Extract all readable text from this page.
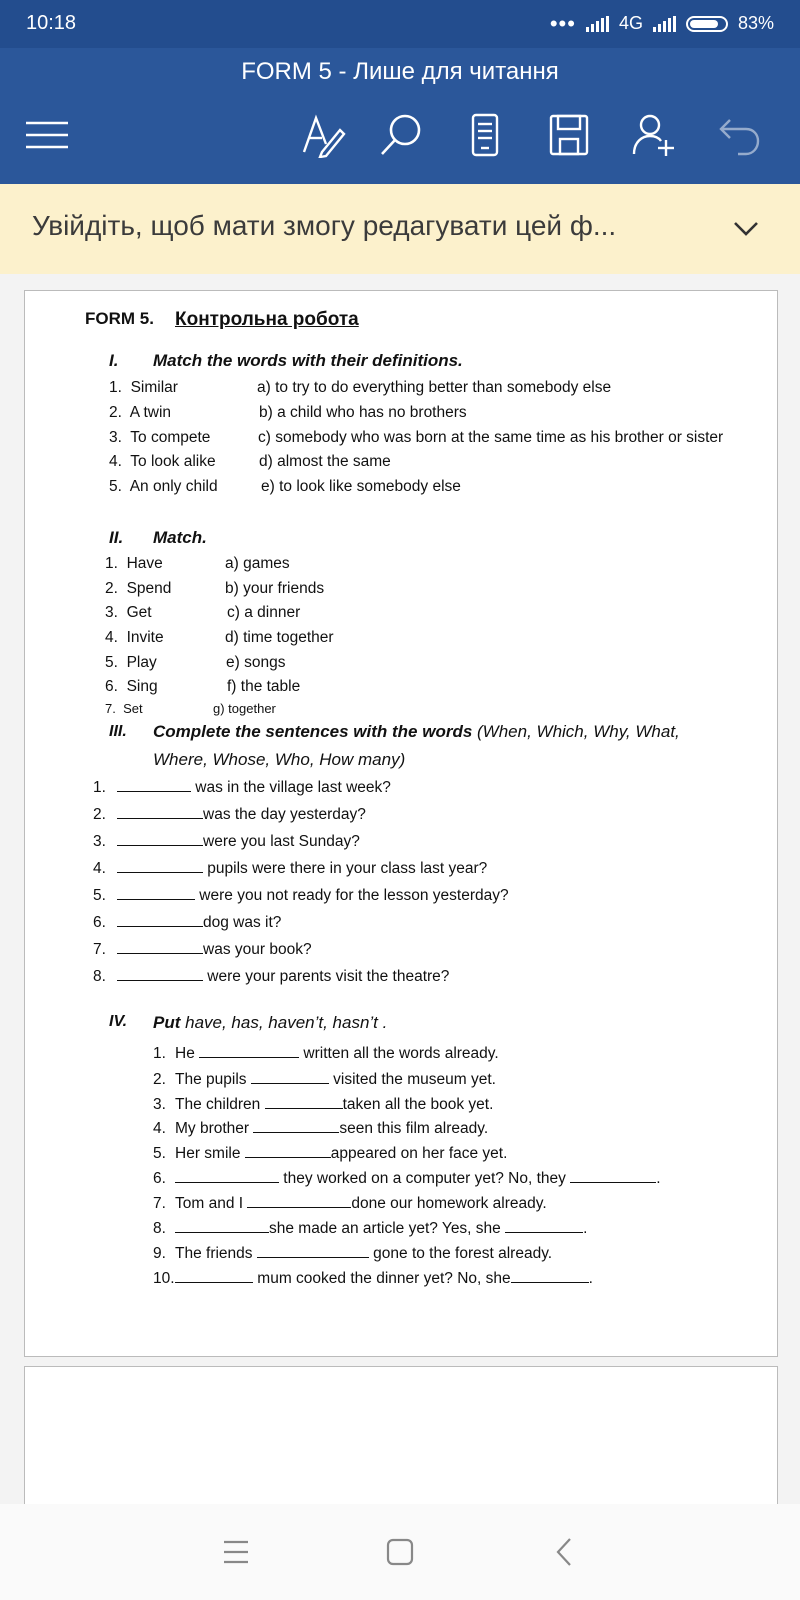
10:18	••• 4G	83%
FORM 5 - Лише для читання
Увійдіть, щоб мати змогу редагувати цей ф...
FORM 5. Контрольна робота
I. Match the words with their definitions.
1. Similar	a) to try to do everything better than somebody else
2. A twin	b) a child who has no brothers
3.  To compete	c) somebody who was born at the same time as his brother or sister
4. To look alike	d) almost the same
5. An only child	e) to look like somebody else
II. Match.
1. Have	a) games
2. Spend	b) your friends
3. Get	c) a dinner
4. Invite	d) time together
5. Play	e) songs
6. Sing	f) the table
7. Set	g) together
III. Complete the sentences with the words (When, Which, Why, What,
Where, Whose, Who, How many)
1.	was in the village last week?
2.	was the day yesterday?
3.	were you last Sunday?
4.	pupils were there in your class last year?
5.	were you not ready for the lesson yesterday?
6.	dog was it?
7.	was your book?
8.	were your parents visit the theatre?
IV. Put have, has, haven’t, hasn’t .
1. He	written all the words already.
2. The pupils	visited the museum yet.
3. The children	taken all the book yet.
4. My brother	seen this film already.
5. Her smile	appeared on her face yet.
6.	they worked on a computer yet? No, they	.
7. Tom and I	done our homework already.
8.	she made an article yet? Yes, she	.
9. The friends	gone to the forest already.
10.	mum cooked the dinner yet? No, she	.
